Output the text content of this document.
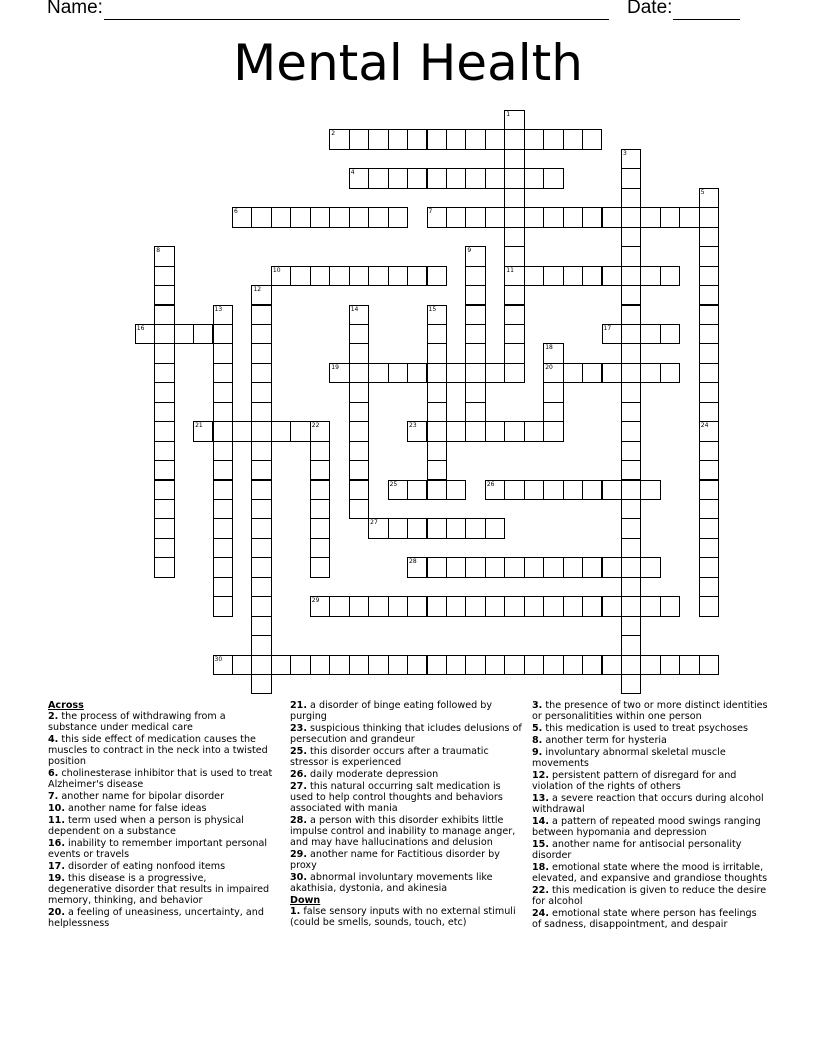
Name:	Date:
Mental Health
2
4
6	7
10	11
16	17
19	20
21	22	23
25	26
27
28
29
30
1
3
5
8	9
12
13	14	15
18
24
Across
2. the process of withdrawing from a substance under medical care
4. this side effect of medication causes the muscles to contract in the neck into a twisted position
6. cholinesterase inhibitor that is used to treat Alzheimer's disease
7. another name for bipolar disorder
10. another name for false ideas
11. term used when a person is physical dependent on a substance
16. inability to remember important personal events or travels
17. disorder of eating nonfood items
19. this disease is a progressive, degenerative disorder that results in impaired memory, thinking, and behavior
20. a feeling of uneasiness, uncertainty, and helplessness
21. a disorder of binge eating followed by purging
23. suspicious thinking that icludes delusions of persecution and grandeur
25. this disorder occurs after a traumatic stressor is experienced
26. daily moderate depression
27. this natural occurring salt medication is used to help control thoughts and behaviors associated with mania
28. a person with this disorder exhibits little impulse control and inability to manage anger, and may have hallucinations and delusion
29. another name for Factitious disorder by proxy
30. abnormal involuntary movements like akathisia, dystonia, and akinesia
Down
1. false sensory inputs with no external stimuli (could be smells, sounds, touch, etc)
3. the presence of two or more distinct identities or personalitities within one person
5. this medication is used to treat psychoses
8. another term for hysteria
9. involuntary abnormal skeletal muscle movements
12. persistent pattern of disregard for and violation of the rights of others
13. a severe reaction that occurs during alcohol withdrawal
14. a pattern of repeated mood swings ranging between hypomania and depression
15. another name for antisocial personality disorder
18. emotional state where the mood is irritable, elevated, and expansive and grandiose thoughts
22. this medication is given to reduce the desire for alcohol
24. emotional state where person has feelings of sadness, disappointment, and despair
